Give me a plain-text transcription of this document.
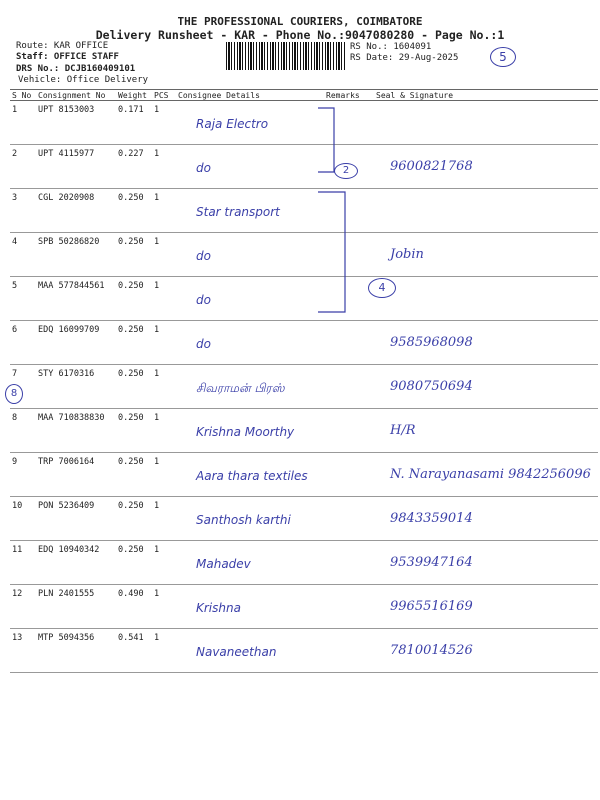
THE PROFESSIONAL COURIERS, COIMBATORE
Delivery Runsheet - KAR - Phone No.:9047080280 - Page No.:1
Route: KAR OFFICE
Staff: OFFICE STAFF
DRS No.: DCJB160409101
Vehicle: Office Delivery
RS No.: 1604091
RS Date: 29-Aug-2025	5
S No	Consignment No	Weight	PCS	Consignee Details	Remarks	Seal & Signature
1	UPT 8153003	0.171	1	Raja Electro		

2	UPT 4115977	0.227	1	do		9600821768

3	CGL 2020908	0.250	1	Star transport		

4	SPB 50286820	0.250	1	do		Jobin

5	MAA 577844561	0.250	1	do		

6	EDQ 16099709	0.250	1	do		9585968098

7	STY 6170316	0.250	1	சிவராமன் பிரஸ்		9080750694

8	MAA 710838830	0.250	1	Krishna Moorthy		H/R

9	TRP 7006164	0.250	1	Aara thara textiles		N. Narayanasami 9842256096

10	PON 5236409	0.250	1	Santhosh karthi		9843359014

11	EDQ 10940342	0.250	1	Mahadev		9539947164

12	PLN 2401555	0.490	1	Krishna		9965516169

13	MTP 5094356	0.541	1	Navaneethan		7810014526
2
4
8
